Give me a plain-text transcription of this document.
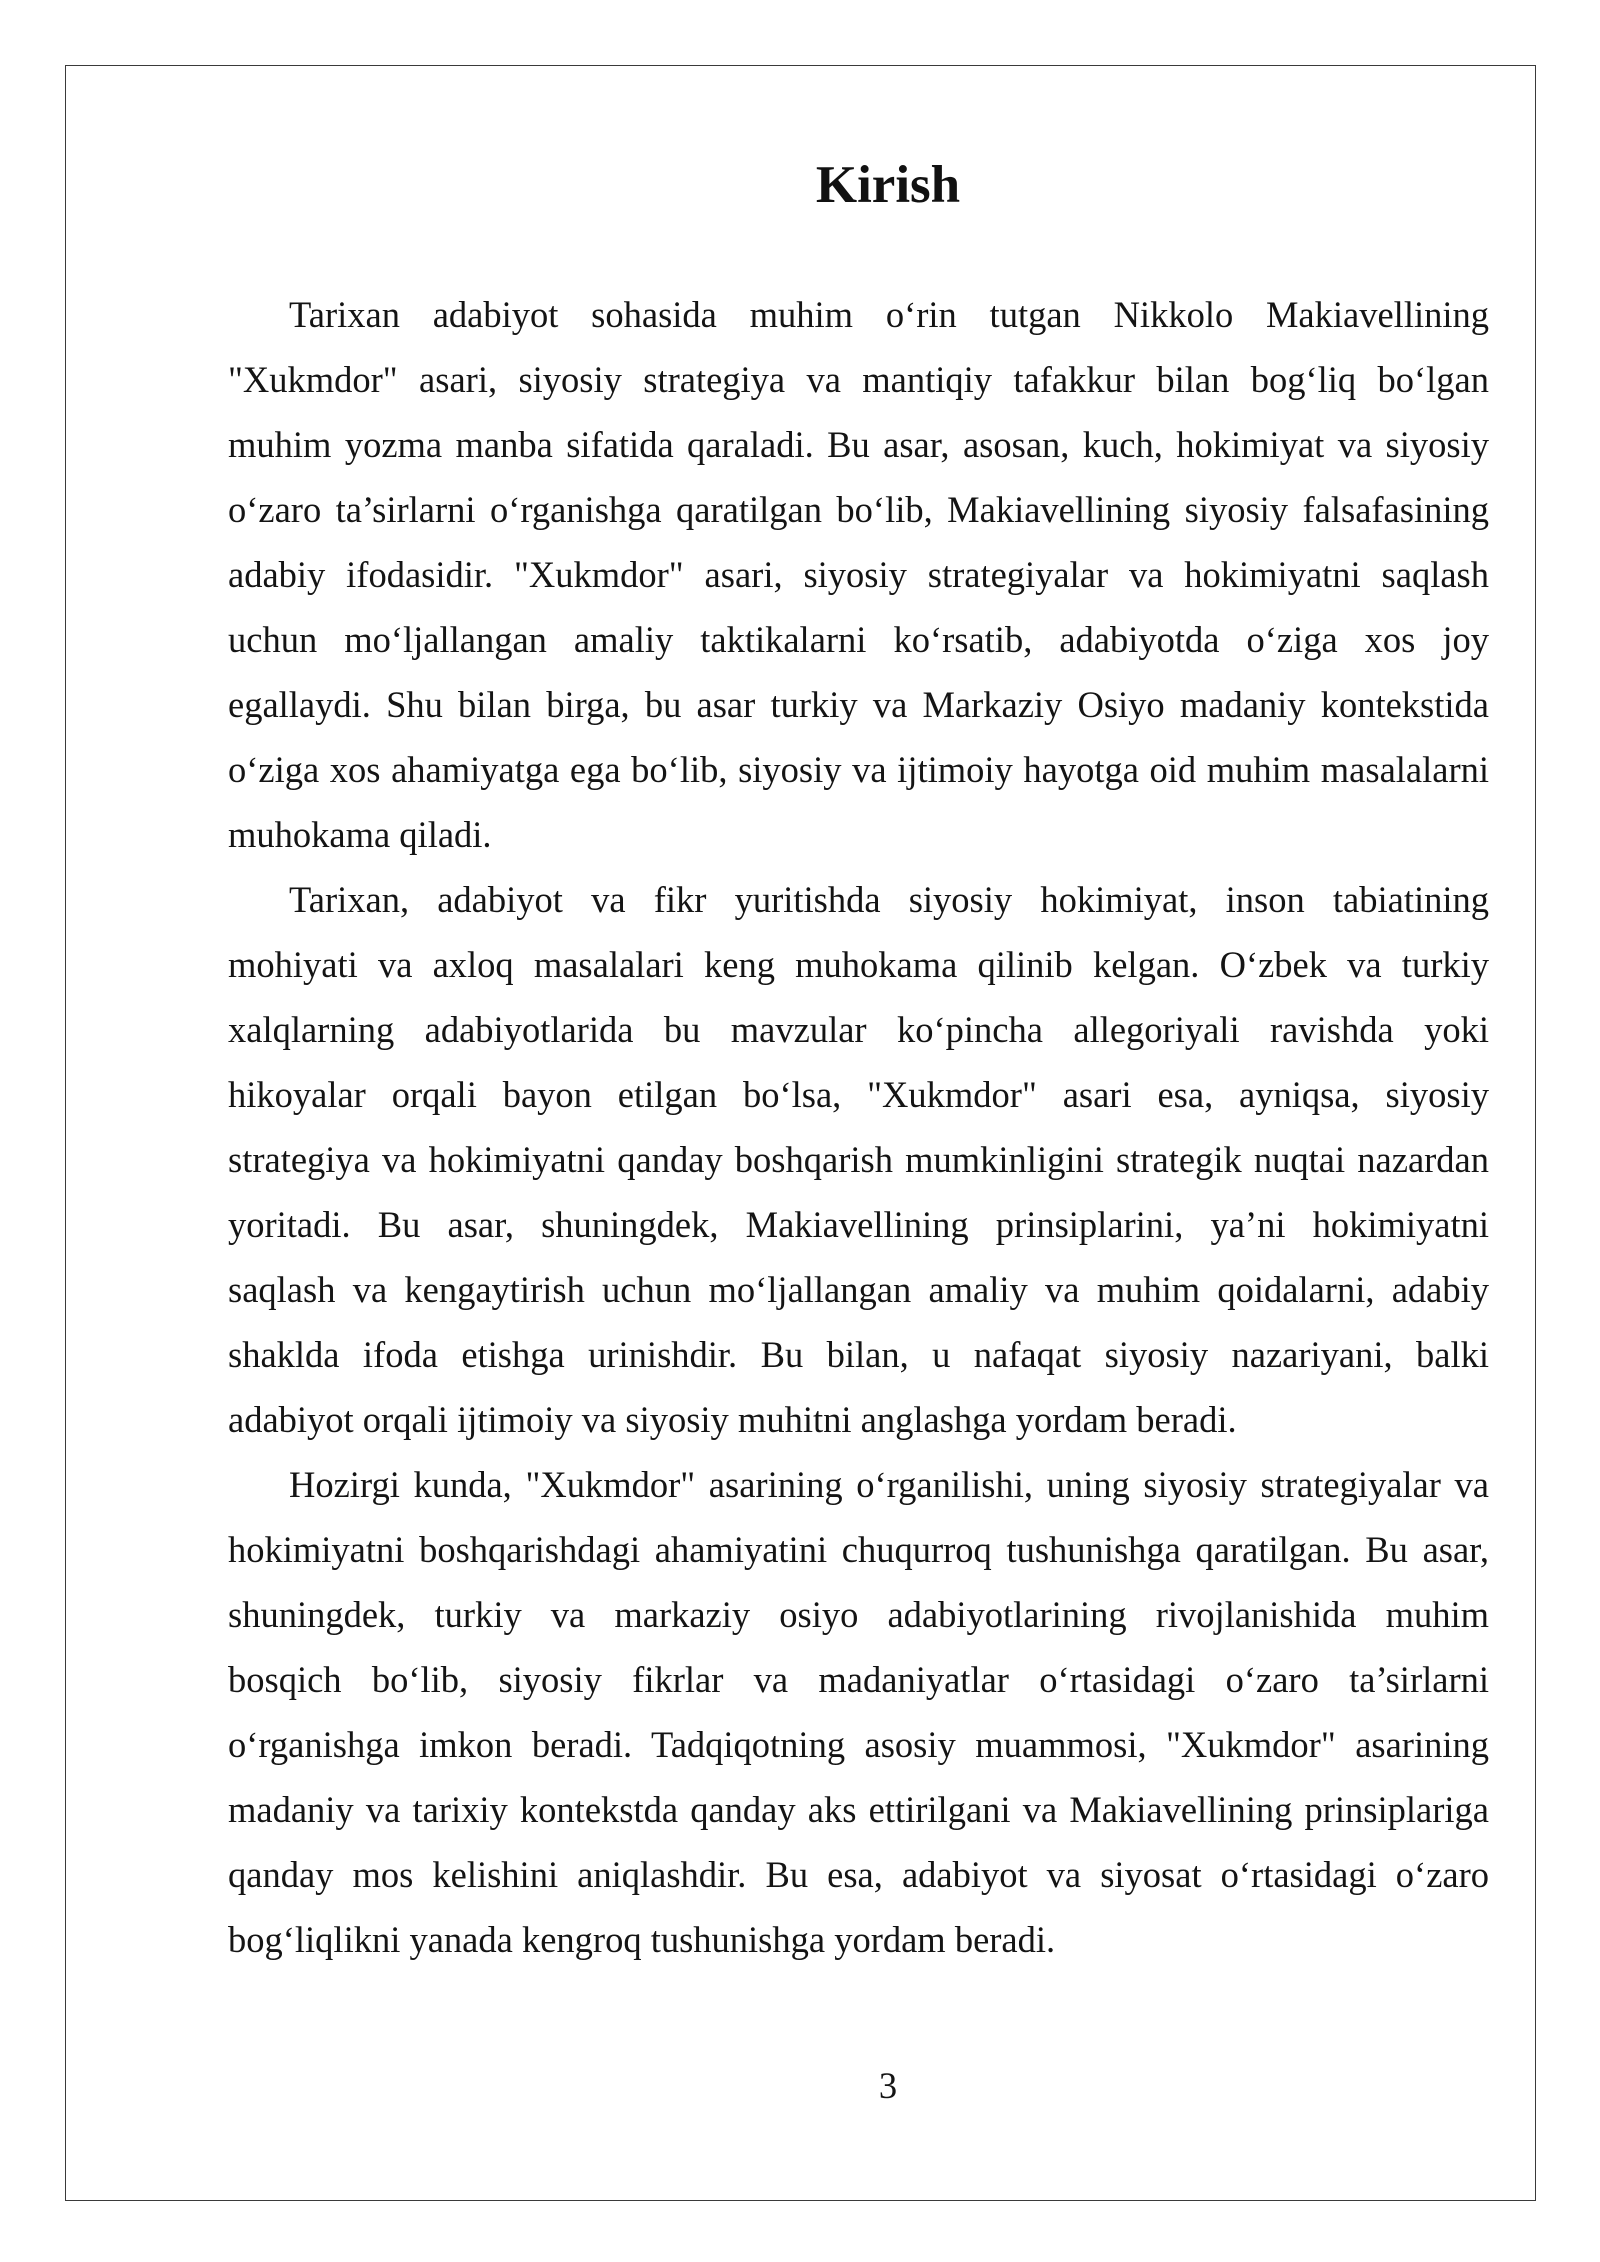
Kirish
Tarixan adabiyot sohasida muhim o‘rin tutgan Nikkolo Makiavellining
"Xukmdor" asari, siyosiy strategiya va mantiqiy tafakkur bilan bog‘liq bo‘lgan
muhim yozma manba sifatida qaraladi. Bu asar, asosan, kuch, hokimiyat va siyosiy
o‘zaro ta’sirlarni o‘rganishga qaratilgan bo‘lib, Makiavellining siyosiy falsafasining
adabiy ifodasidir. "Xukmdor" asari, siyosiy strategiyalar va hokimiyatni saqlash
uchun mo‘ljallangan amaliy taktikalarni ko‘rsatib, adabiyotda o‘ziga xos joy
egallaydi. Shu bilan birga, bu asar turkiy va Markaziy Osiyo madaniy kontekstida
o‘ziga xos ahamiyatga ega bo‘lib, siyosiy va ijtimoiy hayotga oid muhim masalalarni
muhokama qiladi.
Tarixan, adabiyot va fikr yuritishda siyosiy hokimiyat, inson tabiatining
mohiyati va axloq masalalari keng muhokama qilinib kelgan. O‘zbek va turkiy
xalqlarning adabiyotlarida bu mavzular ko‘pincha allegoriyali ravishda yoki
hikoyalar orqali bayon etilgan bo‘lsa, "Xukmdor" asari esa, ayniqsa, siyosiy
strategiya va hokimiyatni qanday boshqarish mumkinligini strategik nuqtai nazardan
yoritadi. Bu asar, shuningdek, Makiavellining prinsiplarini, ya’ni hokimiyatni
saqlash va kengaytirish uchun mo‘ljallangan amaliy va muhim qoidalarni, adabiy
shaklda ifoda etishga urinishdir. Bu bilan, u nafaqat siyosiy nazariyani, balki
adabiyot orqali ijtimoiy va siyosiy muhitni anglashga yordam beradi.
Hozirgi kunda, "Xukmdor" asarining o‘rganilishi, uning siyosiy strategiyalar va
hokimiyatni boshqarishdagi ahamiyatini chuqurroq tushunishga qaratilgan. Bu asar,
shuningdek, turkiy va markaziy osiyo adabiyotlarining rivojlanishida muhim
bosqich bo‘lib, siyosiy fikrlar va madaniyatlar o‘rtasidagi o‘zaro ta’sirlarni
o‘rganishga imkon beradi. Tadqiqotning asosiy muammosi, "Xukmdor" asarining
madaniy va tarixiy kontekstda qanday aks ettirilgani va Makiavellining prinsiplariga
qanday mos kelishini aniqlashdir. Bu esa, adabiyot va siyosat o‘rtasidagi o‘zaro
bog‘liqlikni yanada kengroq tushunishga yordam beradi.
3
